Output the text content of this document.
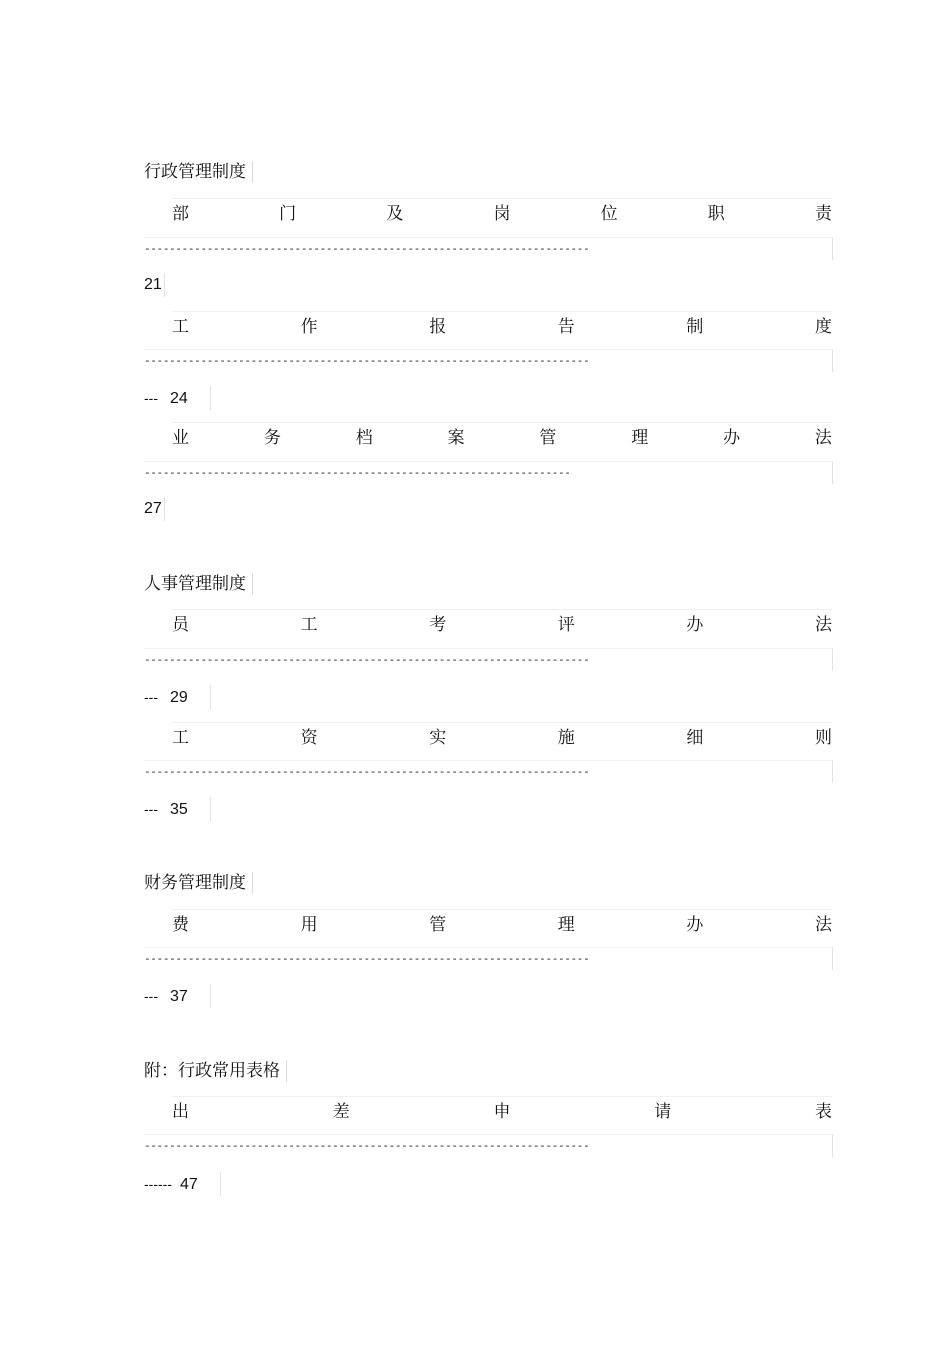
行政管理制度
部	门	及	岗	位	职	责
-----------------------------------------------------------------------
21
工	作	报	告	制	度
-----------------------------------------------------------------------
--- 24
业	务	档	案	管	理	办	法
--------------------------------------------------------------------
27
人事管理制度
员	工	考	评	办	法
-----------------------------------------------------------------------
--- 29
工	资	实	施	细	则
-----------------------------------------------------------------------
--- 35
财务管理制度
费	用	管	理	办	法
-----------------------------------------------------------------------
--- 37
附：行政常用表格
出	差	申	请	表
-----------------------------------------------------------------------
------ 47
